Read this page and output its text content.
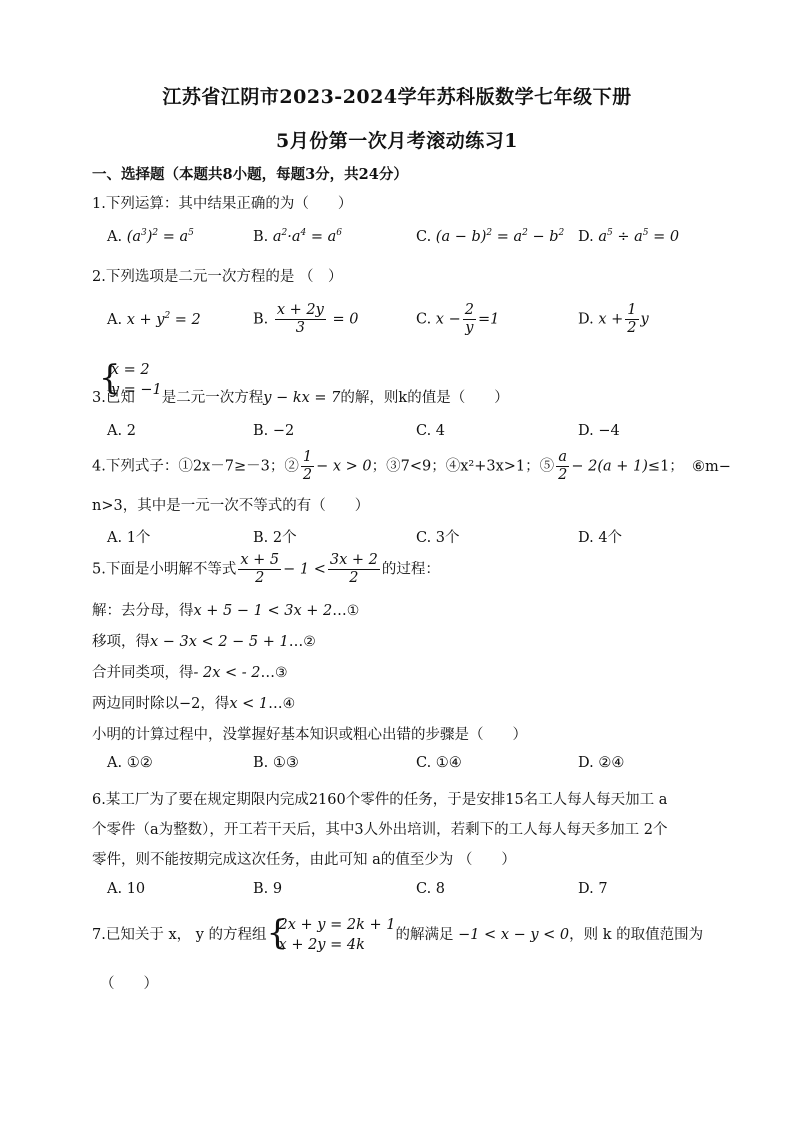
江苏省江阴市2023-2024学年苏科版数学七年级下册
5月份第一次月考滚动练习1
一、选择题（本题共8小题，每题3分，共24分）
1.下列运算：其中结果正确的为（　　）
A. $(a^3)^2 = a^5$	B. $a^2\cdot a^4 = a^6$	C. $(a - b)^2 = a^2 - b^2$ D. $a^5 \div a^5 = 0$
2.下列选项是二元一次方程的是 （　）
A. $x + y^2 = 2$	B. $\frac{x + 2y}{3} = 0$	C. $x - \frac{2}{y} =1$	D. $x + \frac{1}{2}$ y
3.已知
{
x = 2
y = −1 是二元一次方程y − kx = 7的解，则k的值是（　　）
A. 2	B. −2	C. 4	D. −4
4.下列式子：①2x－7≥－3；② $\frac{1}{2} - x > 0$；③7<9；④x²+3x>1；⑤ $\frac{a}{2} - 2(a + 1)\le 1$； ⑥m−
n>3，其中是一元一次不等式的有（　　）
A. 1个	B. 2个	C. 3个	D. 4个
5.下面是小明解不等式 $\frac{x + 5}{2} - 1 < \frac{3x + 2}{2}$ 的过程：
解：去分母，得x + 5 − 1 < 3x + 2…①
移项，得x − 3x < 2 − 5 + 1…②
合并同类项，得- 2x < - 2…③
两边同时除以−2，得x < 1…④
小明的计算过程中，没掌握好基本知识或粗心出错的步骤是（　　）
A. ①②	B. ①③	C. ①④	D. ②④
6.某工厂为了要在规定期限内完成2160个零件的任务，于是安排15名工人每人每天加工 a
个零件（a为整数），开工若干天后，其中3人外出培训，若剩下的工人每人每天多加工 2个
零件，则不能按期完成这次任务，由此可知 a的值至少为 （　　）
A. 10	B. 9	C. 8	D. 7
7.已知关于 x， y 的方程组 {
2x + y = 2k + 1
x + 2y = 4k
的解满足 −1 < x − y < 0，则 k 的取值范围为
（　　）
